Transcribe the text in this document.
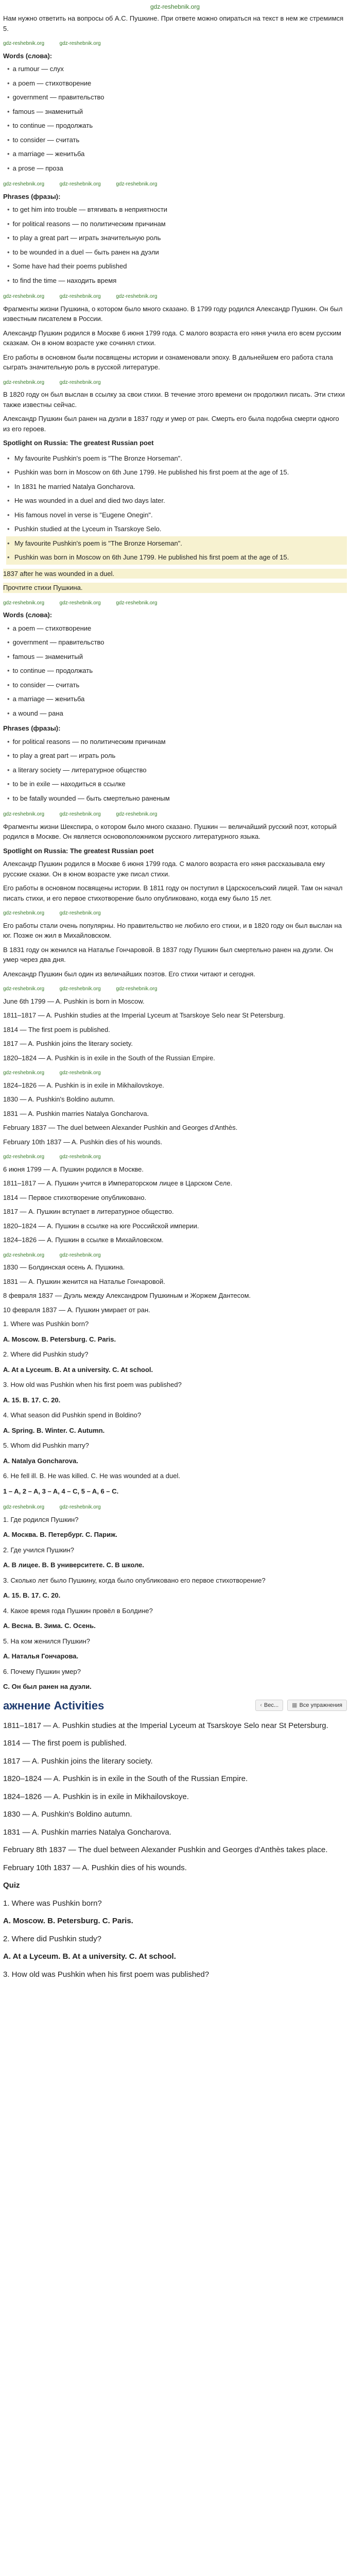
gdz-reshebnik.org

Нам нужно ответить на вопросы об А.С. Пушкине. При ответе можно опираться на текст в нем же стремимся 5.

gdz-reshebnik.org	gdz-reshebnik.org

Words (слова):

• a rumour — слух
• a poem — стихотворение
• government — правительство
• famous — знаменитый
• to continue — продолжать
• to consider — считать
• a marriage — женитьба
• a prose — проза
gdz-reshebnik.org	gdz-reshebnik.org	gdz-reshebnik.org

Phrases (фразы):

• to get him into trouble — втягивать в неприятности
• for political reasons — по политическим причинам
• to play a great part — играть значительную роль
• to be wounded in a duel — быть ранен на дуэли
• Some have had their poems published
• to find the time — находить время
gdz-reshebnik.org	gdz-reshebnik.org	gdz-reshebnik.org

Фрагменты жизни Пушкина, о котором было много сказано. В 1799 году родился Александр Пушкин. Он был известным писателем в России.

Александр Пушкин родился в Москве 6 июня 1799 года. С малого возраста его няня учила его всем русским сказкам. Он в юном возрасте уже сочинял стихи.

Его работы в основном были посвящены истории и ознаменовали эпоху. В дальнейшем его работа стала сыграть значительную роль в русской литературе.

gdz-reshebnik.org	gdz-reshebnik.org

В 1820 году он был выслан в ссылку за свои стихи. В течение этого времени он продолжил писать. Эти стихи также известны сейчас.

Александр Пушкин был ранен на дуэли в 1837 году и умер от ран. Смерть его была подобна смерти одного из его героев.

Spotlight on Russia: The greatest Russian poet

• My favourite Pushkin's poem is "The Bronze Horseman".
• Pushkin was born in Moscow on 6th June 1799. He published his first poem at the age of 15.
• In 1831 he married Natalya Goncharova.
• He was wounded in a duel and died two days later.
• His famous novel in verse is "Eugene Onegin".
• Pushkin studied at the Lyceum in Tsarskoye Selo.
• My favourite Pushkin's poem is "The Bronze Horseman".
• Pushkin was born in Moscow on 6th June 1799. He published his first poem at the age of 15.

1837 after he was wounded in a duel.

Прочтите стихи Пушкина.

gdz-reshebnik.org	gdz-reshebnik.org	gdz-reshebnik.org

Words (слова):

• a poem — стихотворение
• government — правительство
• famous — знаменитый
• to continue — продолжать
• to consider — считать
• a marriage — женитьба
• a wound — рана

Phrases (фразы):

• for political reasons — по политическим причинам
• to play a great part — играть роль
• a literary society — литературное общество
• to be in exile — находиться в ссылке
• to be fatally wounded — быть смертельно раненым
gdz-reshebnik.org	gdz-reshebnik.org	gdz-reshebnik.org

Фрагменты жизни Шекспира, о котором было много сказано. Пушкин — величайший русский поэт, который родился в Москве. Он является основоположником русского литературного языка.

Spotlight on Russia: The greatest Russian poet

Александр Пушкин родился в Москве 6 июня 1799 года. С малого возраста его няня рассказывала ему русские сказки. Он в юном возрасте уже писал стихи.

Его работы в основном посвящены истории. В 1811 году он поступил в Царскосельский лицей. Там он начал писать стихи, и его первое стихотворение было опубликовано, когда ему было 15 лет.

gdz-reshebnik.org	gdz-reshebnik.org

Его работы стали очень популярны. Но правительство не любило его стихи, и в 1820 году он был выслан на юг. Позже он жил в Михайловском.

В 1831 году он женился на Наталье Гончаровой. В 1837 году Пушкин был смертельно ранен на дуэли. Он умер через два дня.

Александр Пушкин был один из величайших поэтов. Его стихи читают и сегодня.

gdz-reshebnik.org	gdz-reshebnik.org	gdz-reshebnik.org

June 6th 1799 — A. Pushkin is born in Moscow.

1811–1817 — A. Pushkin studies at the Imperial Lyceum at Tsarskoye Selo near St Petersburg.

1814 — The first poem is published.

1817 — A. Pushkin joins the literary society.

1820–1824 — A. Pushkin is in exile in the South of the Russian Empire.

gdz-reshebnik.org	gdz-reshebnik.org

1824–1826 — A. Pushkin is in exile in Mikhailovskoye.

1830 — A. Pushkin's Boldino autumn.

1831 — A. Pushkin marries Natalya Goncharova.

February 1837 — The duel between Alexander Pushkin and Georges d'Anthès.

February 10th 1837 — A. Pushkin dies of his wounds.

gdz-reshebnik.org	gdz-reshebnik.org

6 июня 1799 — А. Пушкин родился в Москве.

1811–1817 — А. Пушкин учится в Императорском лицее в Царском Селе.

1814 — Первое стихотворение опубликовано.

1817 — А. Пушкин вступает в литературное общество.

1820–1824 — А. Пушкин в ссылке на юге Российской империи.

1824–1826 — А. Пушкин в ссылке в Михайловском.

gdz-reshebnik.org	gdz-reshebnik.org

1830 — Болдинская осень А. Пушкина.

1831 — А. Пушкин женится на Наталье Гончаровой.

8 февраля 1837 — Дуэль между Александром Пушкиным и Жоржем Дантесом.

10 февраля 1837 — А. Пушкин умирает от ран.

1. Where was Pushkin born?

A. Moscow. B. Petersburg. C. Paris.

2. Where did Pushkin study?

A. At a Lyceum. B. At a university. C. At school.

3. How old was Pushkin when his first poem was published?

A. 15. B. 17. C. 20.

4. What season did Pushkin spend in Boldino?

A. Spring. B. Winter. C. Autumn.

5. Whom did Pushkin marry?

A. Natalya Goncharova.

6. He fell ill. B. He was killed. C. He was wounded at a duel.

1 – A, 2 – A, 3 – A, 4 – C, 5 – A, 6 – C.

gdz-reshebnik.org	gdz-reshebnik.org

1. Где родился Пушкин?

A. Москва. B. Петербург. C. Париж.

2. Где учился Пушкин?

A. В лицее. B. В университете. C. В школе.

3. Сколько лет было Пушкину, когда было опубликовано его первое стихотворение?

A. 15. B. 17. C. 20.

4. Какое время года Пушкин провёл в Болдине?

A. Весна. B. Зима. C. Осень.

5. На ком женился Пушкин?

A. Наталья Гончарова.

6. Почему Пушкин умер?

C. Он был ранен на дуэли.

ажнение Activities	‹ Вес...	▦ Все упражнения

1811–1817 — A. Pushkin studies at the Imperial Lyceum at Tsarskoye Selo near St Petersburg.

1814 — The first poem is published.

1817 — A. Pushkin joins the literary society.

1820–1824 — A. Pushkin is in exile in the South of the Russian Empire.

1824–1826 — A. Pushkin is in exile in Mikhailovskoye.

1830 — A. Pushkin's Boldino autumn.

1831 — A. Pushkin marries Natalya Goncharova.

February 8th 1837 — The duel between Alexander Pushkin and Georges d'Anthès takes place.

February 10th 1837 — A. Pushkin dies of his wounds.

Quiz

1. Where was Pushkin born?

A. Moscow. B. Petersburg. C. Paris.

2. Where did Pushkin study?

A. At a Lyceum. B. At a university. C. At school.

3. How old was Pushkin when his first poem was published?
